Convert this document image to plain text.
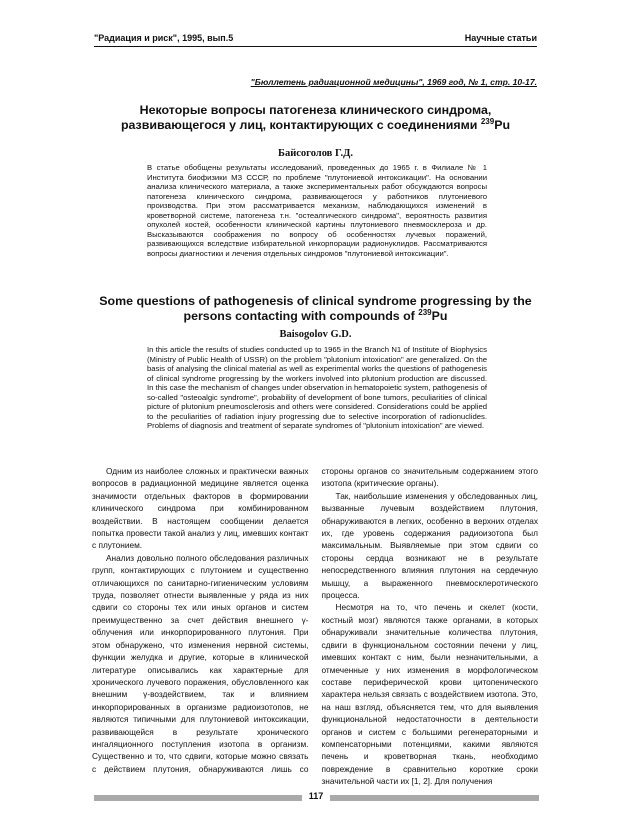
"Радиация и риск", 1995, вып.5	Научные статьи
"Бюллетень радиационной медицины", 1969 год, № 1, стр. 10-17.
Некоторые вопросы патогенеза клинического синдрома, развивающегося у лиц, контактирующих с соединениями $^{239}$Pu
Байсоголов Г.Д.

В статье обобщены результаты исследований, проведенных до 1965 г. в Филиале № 1 Института биофизики МЗ СССР, по проблеме "плутониевой интоксикации". На основании анализа клинического материала, а также экспериментальных работ обсуждаются вопросы патогенеза клинического синдрома, развивающегося у работников плутониевого производства. При этом рассматривается механизм, наблюдающихся изменений в кроветворной системе, патогенеза т.н. "остеалгического синдрома", вероятность развития опухолей костей, особенности клинической картины плутониевого пневмосклероза и др. Высказываются соображения по вопросу об особенностях лучевых поражений, развивающихся вследствие избирательной инкорпорации радионуклидов. Рассматриваются вопросы диагностики и лечения отдельных синдромов "плутониевой интоксикации".

Some questions of pathogenesis of clinical syndrome progressing by the persons contacting with compounds of $^{239}$Pu
Baisogolov G.D.

In this article the results of studies conducted up to 1965 in the Branch N1 of Institute of Biophysics (Ministry of Public Health of USSR) on the problem "plutonium intoxication" are generalized. On the basis of analysing the clinical material as well as experimental works the questions of pathogenesis of clinical syndrome progressing by the workers involved into plutonium production are discussed. In this case the mechanism of changes under observation in hematopoietic system, pathogenesis of so-called "osteoalgic syndrome", probability of development of bone tumors, peculiarities of clinical picture of plutonium pneumosclerosis and others were considered. Considerations could be applied to the peculiarities of radiation injury progressing due to selective incorporation of radionuclides. Problems of diagnosis and treatment of separate syndromes of "plutonium intoxication" are viewed.

Одним из наиболее сложных и практически важных вопросов в радиационной медицине является оценка значимости отдельных факторов в формировании клинического синдрома при комбинированном воздействии. В настоящем сообщении делается попытка провести такой анализ у лиц, имевших контакт с плутонием.

Анализ довольно полного обследования различных групп, контактирующих с плутонием и существенно отличающихся по санитарно-гигиеническим условиям труда, позволяет отнести выявленные у ряда из них сдвиги со стороны тех или иных органов и систем преимущественно за счет действия внешнего γ-облучения или инкорпорированного плутония. При этом обнаружено, что изменения нервной системы, функции желудка и другие, которые в клинической литературе описывались как характерные для хронического лучевого поражения, обусловленного как внешним γ-воздействием, так и влиянием инкорпорированных в организме радиоизотопов, не являются типичными для плутониевой интоксикации, развивающейся в результате хронического ингаляционного поступления изотопа в организм. Существенно и то, что сдвиги, которые можно связать с действием плутония, обнаруживаются лишь со стороны органов со значительным содержанием этого изотопа (критические органы).

Так, наибольшие изменения у обследованных лиц, вызванные лучевым воздействием плутония, обнаруживаются в легких, особенно в верхних отделах их, где уровень содержания радиоизотопа был максимальным. Выявляемые при этом сдвиги со стороны сердца возникают не в результате непосредственного влияния плутония на сердечную мышцу, а выраженного пневмосклеротического процесса.

Несмотря на то, что печень и скелет (кости, костный мозг) являются также органами, в которых обнаруживали значительные количества плутония, сдвиги в функциональном состоянии печени у лиц, имевших контакт с ним, были незначительными, а отмеченные у них изменения в морфологическом составе периферической крови цитопенического характера нельзя связать с воздействием изотопа. Это, на наш взгляд, объясняется тем, что для выявления функциональной недостаточности в деятельности органов и систем с большими регенераторными и компенсаторными потенциями, какими являются печень и кроветворная ткань, необходимо повреждение в сравнительно короткие сроки значительной части их [1, 2]. Для получения

117
